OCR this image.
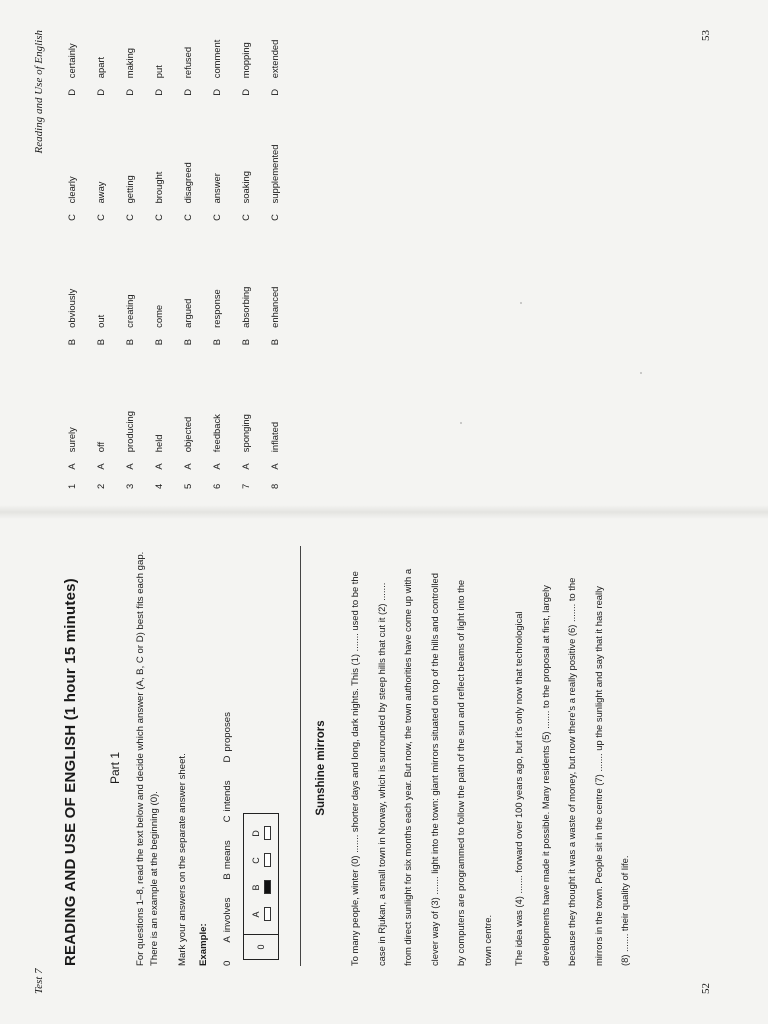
Test 7
READING AND USE OF ENGLISH (1 hour 15 minutes) Part 1 For questions 1–8, read the text below and decide which answer (A, B, C or D) best fits each gap. There is an example at the beginning (0). Mark your answers on the separate answer sheet. Example: 0
Ainvolves
Bmeans
Cintends
Dproposes
0
A
B
C
D
Sunshine mirrors	To many people, winter (0) ....... shorter days and long, dark nights. This (1) ....... used to be the	case in Rjukan, a small town in Norway, which is surrounded by steep hills that cut it (2) .......	from direct sunlight for six months each year. But now, the town authorities have come up with a	clever way of (3) ....... light into the town: giant mirrors situated on top of the hills and controlled	by computers are programmed to follow the path of the sun and reflect beams of light into the	town centre.	The idea was (4) ....... forward over 100 years ago, but it's only now that technological	developments have made it possible. Many residents (5) ....... to the proposal at first, largely	because they thought it was a waste of money, but now there's a really positive (6) ....... to the	mirrors in the town. People sit in the centre (7) ....... up the sunlight and say that it has really	(8) ....... their quality of life.

52
Reading and Use of English	53
1	A	surely	B	obviously	C	clearly	D	certainly
2	A	off	B	out	C	away	D	apart
3	A	producing	B	creating	C	getting	D	making
4	A	held	B	come	C	brought	D	put
5	A	objected	B	argued	C	disagreed	D	refused
6	A	feedback	B	response	C	answer	D	comment
7	A	sponging	B	absorbing	C	soaking	D	mopping
8	A	inflated	B	enhanced	C	supplemented	D	extended
